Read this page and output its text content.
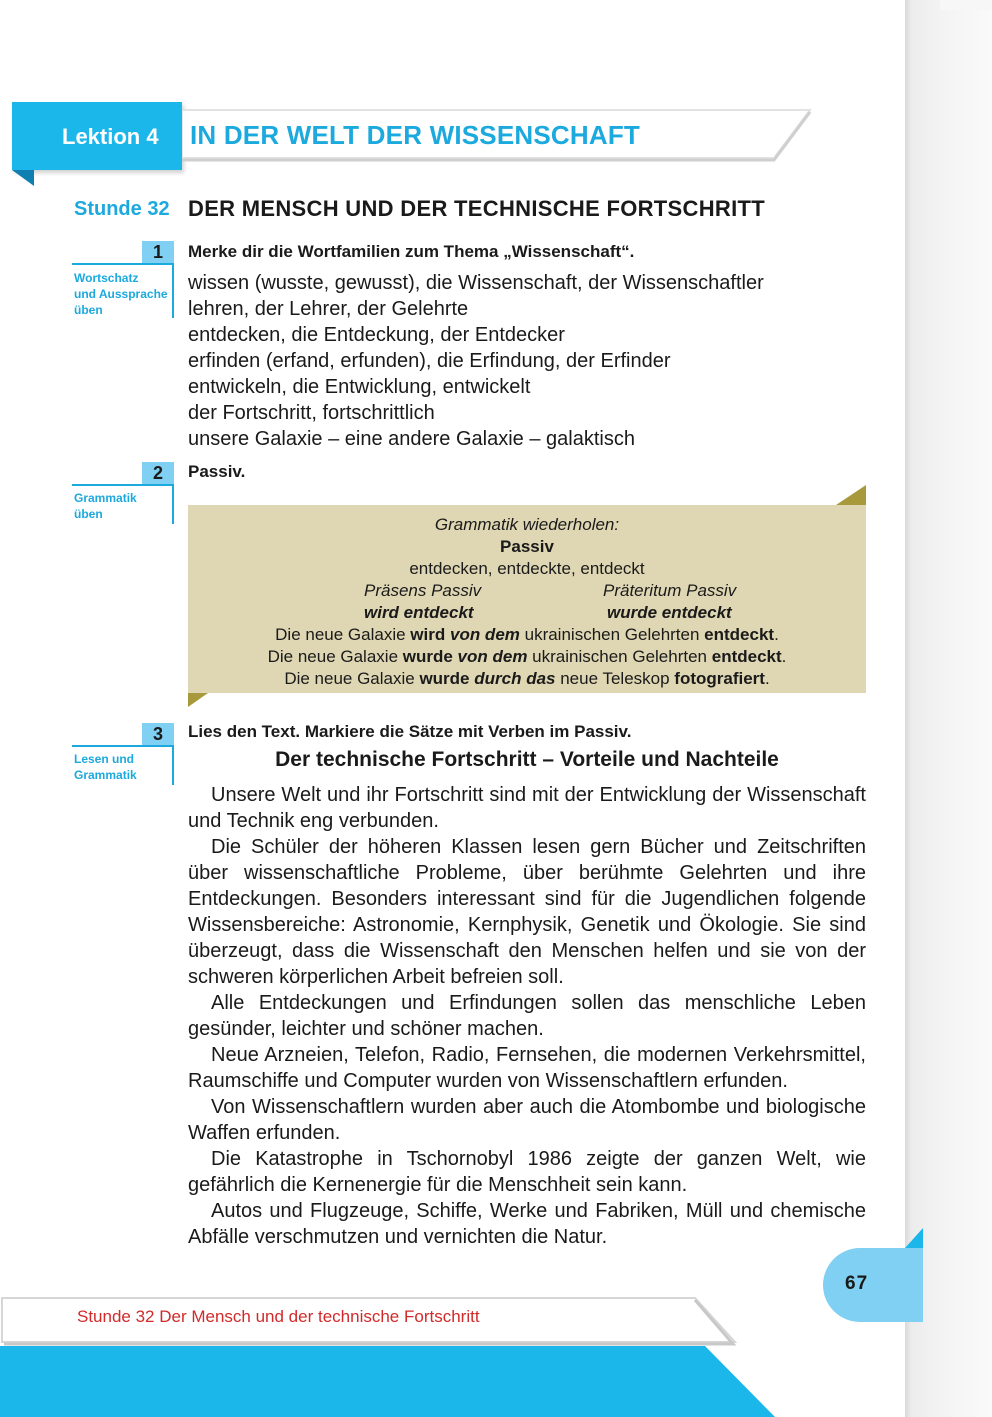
Lektion 4 IN DER WELT DER WISSENSCHAFT
Stunde 32 DER MENSCH UND DER TECHNISCHE FORTSCHRITT
1
Wortschatz
und Aussprache
üben
Merke dir die Wortfamilien zum Thema „Wissenschaft“.
wissen (wusste, gewusst), die Wissenschaft, der Wissenschaftler
lehren, der Lehrer, der Gelehrte
entdecken, die Entdeckung, der Entdecker
erfinden (erfand, erfunden), die Erfindung, der Erfinder
entwickeln, die Entwicklung, entwickelt
der Fortschritt, fortschrittlich
unsere Galaxie – eine andere Galaxie – galaktisch
2
Grammatik
üben
Passiv.
Grammatik wiederholen:
Passiv
entdecken, entdeckte, entdeckt
Präsens Passiv	Präteritum Passiv
wird entdeckt	wurde entdeckt
Die neue Galaxie wird von dem ukrainischen Gelehrten entdeckt.
Die neue Galaxie wurde von dem ukrainischen Gelehrten entdeckt.
Die neue Galaxie wurde durch das neue Teleskop fotografiert.
3
Lesen und
Grammatik
Lies den Text. Markiere die Sätze mit Verben im Passiv.
Der technische Fortschritt – Vorteile und Nachteile
Unsere Welt und ihr Fortschritt sind mit der Entwicklung der Wissenschaft und Technik eng verbunden.
Die Schüler der höheren Klassen lesen gern Bücher und Zeitschriften über wissenschaftliche Probleme, über berühmte Gelehrten und ihre Entdeckungen. Besonders interessant sind für die Jugendlichen folgende Wissensbereiche: Astronomie, Kernphysik, Genetik und Ökologie. Sie sind überzeugt, dass die Wissenschaft den Menschen helfen und sie von der schweren körperlichen Arbeit befreien soll.
Alle Entdeckungen und Erfindungen sollen das menschliche Leben gesünder, leichter und schöner machen.
Neue Arzneien, Telefon, Radio, Fernsehen, die modernen Verkehrsmittel, Raumschiffe und Computer wurden von Wissenschaftlern erfunden.
Von Wissenschaftlern wurden aber auch die Atombombe und biologische Waffen erfunden.
Die Katastrophe in Tschornobyl 1986 zeigte der ganzen Welt, wie gefährlich die Kernenergie für die Menschheit sein kann.
Autos und Flugzeuge, Schiffe, Werke und Fabriken, Müll und chemische Abfälle verschmutzen und vernichten die Natur.
67
Stunde 32 Der Mensch und der technische Fortschritt
